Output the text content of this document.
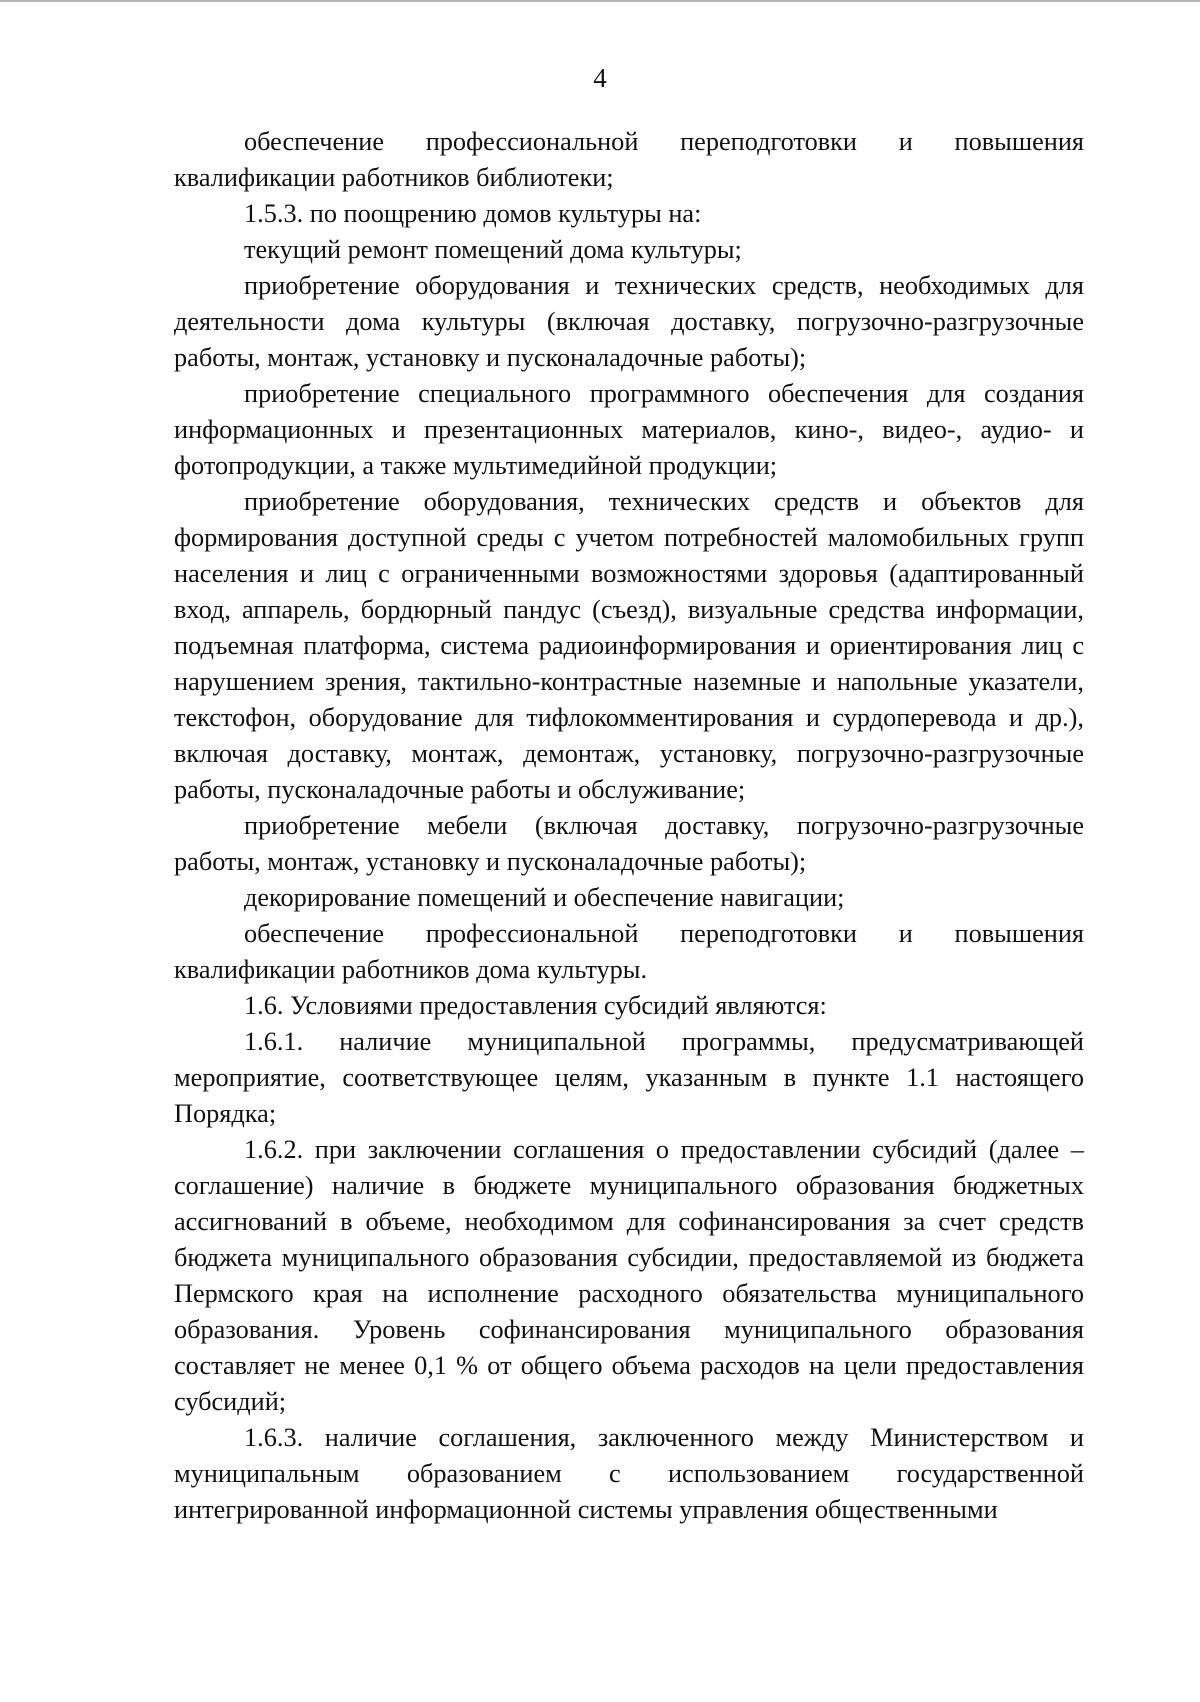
4

обеспечение профессиональной переподготовки и повышения квалификации работников библиотеки;

1.5.3. по поощрению домов культуры на:

текущий ремонт помещений дома культуры;

приобретение оборудования и технических средств, необходимых для деятельности дома культуры (включая доставку, погрузочно-разгрузочные работы, монтаж, установку и пусконаладочные работы);

приобретение специального программного обеспечения для создания информационных и презентационных материалов, кино-, видео-, аудио- и фотопродукции, а также мультимедийной продукции;

приобретение оборудования, технических средств и объектов для формирования доступной среды с учетом потребностей маломобильных групп населения и лиц с ограниченными возможностями здоровья (адаптированный вход, аппарель, бордюрный пандус (съезд), визуальные средства информации, подъемная платформа, система радиоинформирования и ориентирования лиц с нарушением зрения, тактильно-контрастные наземные и напольные указатели, текстофон, оборудование для тифлокомментирования и сурдоперевода и др.), включая доставку, монтаж, демонтаж, установку, погрузочно-разгрузочные работы, пусконаладочные работы и обслуживание;

приобретение мебели (включая доставку, погрузочно-разгрузочные работы, монтаж, установку и пусконаладочные работы);

декорирование помещений и обеспечение навигации;

обеспечение профессиональной переподготовки и повышения квалификации работников дома культуры.

1.6. Условиями предоставления субсидий являются:

1.6.1. наличие муниципальной программы, предусматривающей мероприятие, соответствующее целям, указанным в пункте 1.1 настоящего Порядка;

1.6.2. при заключении соглашения о предоставлении субсидий (далее – соглашение) наличие в бюджете муниципального образования бюджетных ассигнований в объеме, необходимом для софинансирования за счет средств бюджета муниципального образования субсидии, предоставляемой из бюджета Пермского края на исполнение расходного обязательства муниципального образования. Уровень софинансирования муниципального образования составляет не менее 0,1 % от общего объема расходов на цели предоставления субсидий;

1.6.3. наличие соглашения, заключенного между Министерством и муниципальным образованием с использованием государственной интегрированной информационной системы управления общественными
